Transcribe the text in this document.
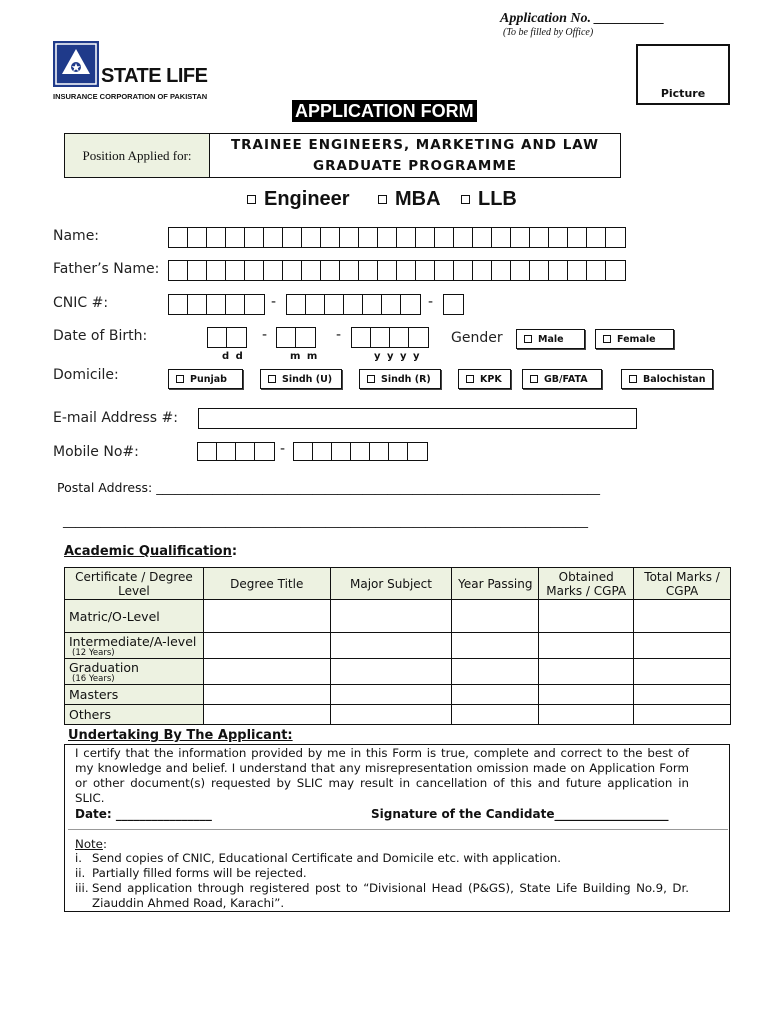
Application No. __________
(To be filled by Office)
Picture
STATE LIFE
INSURANCE CORPORATION OF PAKISTAN
APPLICATION FORM
Position Applied for:
TRAINEE ENGINEERS, MARKETING AND LAW
GRADUATE PROGRAMME
Engineer MBA LLB
Name:
Father’s Name:
CNIC #:	-	-
Date of Birth:	-	-
d d	m m	y y y y
Gender	Male	Female
Domicile:	Punjab	Sindh (U)	Sindh (R)	KPK	GB/FATA	Balochistan
E-mail Address #:
Mobile No#:	-
Postal Address: _______________________________________________________________________
____________________________________________________________________________________
Academic Qualification:
Certificate / Degree Level	Degree Title	Major Subject	Year Passing	Obtained Marks / CGPA	Total Marks / CGPA

Matric/O-Level					

Intermediate/A-level
(12 Years)					

Graduation
(16 Years)					

Masters					

Others					

Undertaking By The Applicant:
I certify that the information provided by me in this Form is true, complete and correct to the best of my knowledge and belief. I understand that any misrepresentation omission made on Application Form or other document(s) requested by SLIC may result in cancellation of this and future application in SLIC.
Date: ________________	Signature of the Candidate___________________
Note:
i. Send copies of CNIC, Educational Certificate and Domicile etc. with application.
ii. Partially filled forms will be rejected.
iii. Send application through registered post to “Divisional Head (P&GS), State Life Building No.9, Dr. Ziauddin Ahmed Road, Karachi”.
